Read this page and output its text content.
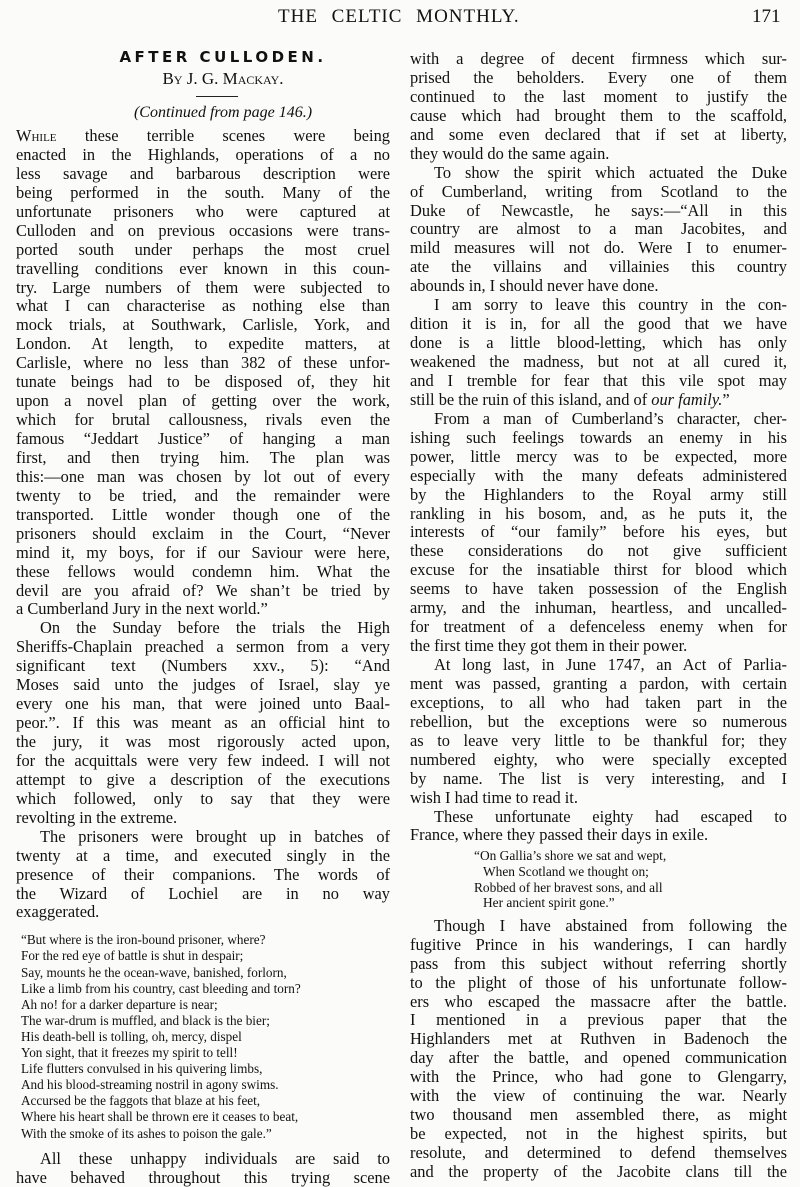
THE CELTIC MONTHLY.	171
AFTER CULLODEN.
By J. G. Mackay.
(Continued from page 146.)
While these terrible scenes were being
enacted in the Highlands, operations of a no
less savage and barbarous description were
being performed in the south. Many of the
unfortunate prisoners who were captured at
Culloden and on previous occasions were trans-
ported south under perhaps the most cruel
travelling conditions ever known in this coun-
try. Large numbers of them were subjected to
what I can characterise as nothing else than
mock trials, at Southwark, Carlisle, York, and
London. At length, to expedite matters, at
Carlisle, where no less than 382 of these unfor-
tunate beings had to be disposed of, they hit
upon a novel plan of getting over the work,
which for brutal callousness, rivals even the
famous “Jeddart Justice” of hanging a man
first, and then trying him. The plan was
this:—one man was chosen by lot out of every
twenty to be tried, and the remainder were
transported. Little wonder though one of the
prisoners should exclaim in the Court, “Never
mind it, my boys, for if our Saviour were here,
these fellows would condemn him. What the
devil are you afraid of? We shan’t be tried by
a Cumberland Jury in the next world.”
On the Sunday before the trials the High
Sheriffs-Chaplain preached a sermon from a very
significant text (Numbers xxv., 5): “And
Moses said unto the judges of Israel, slay ye
every one his man, that were joined unto Baal-
peor.”. If this was meant as an official hint to
the jury, it was most rigorously acted upon,
for the acquittals were very few indeed. I will not
attempt to give a description of the executions
which followed, only to say that they were
revolting in the extreme.
The prisoners were brought up in batches of
twenty at a time, and executed singly in the
presence of their companions. The words of
the Wizard of Lochiel are in no way
exaggerated.
“But where is the iron-bound prisoner, where?
For the red eye of battle is shut in despair;
Say, mounts he the ocean-wave, banished, forlorn,
Like a limb from his country, cast bleeding and torn?
Ah no! for a darker departure is near;
The war-drum is muffled, and black is the bier;
His death-bell is tolling, oh, mercy, dispel
Yon sight, that it freezes my spirit to tell!
Life flutters convulsed in his quivering limbs,
And his blood-streaming nostril in agony swims.
Accursed be the faggots that blaze at his feet,
Where his heart shall be thrown ere it ceases to beat,
With the smoke of its ashes to poison the gale.”
All these unhappy individuals are said to
have behaved throughout this trying scene
with a degree of decent firmness which sur-
prised the beholders. Every one of them
continued to the last moment to justify the
cause which had brought them to the scaffold,
and some even declared that if set at liberty,
they would do the same again.
To show the spirit which actuated the Duke
of Cumberland, writing from Scotland to the
Duke of Newcastle, he says:—“All in this
country are almost to a man Jacobites, and
mild measures will not do. Were I to enumer-
ate the villains and villainies this country
abounds in, I should never have done.
I am sorry to leave this country in the con-
dition it is in, for all the good that we have
done is a little blood-letting, which has only
weakened the madness, but not at all cured it,
and I tremble for fear that this vile spot may
still be the ruin of this island, and of our family.”
From a man of Cumberland’s character, cher-
ishing such feelings towards an enemy in his
power, little mercy was to be expected, more
especially with the many defeats administered
by the Highlanders to the Royal army still
rankling in his bosom, and, as he puts it, the
interests of “our family” before his eyes, but
these considerations do not give sufficient
excuse for the insatiable thirst for blood which
seems to have taken possession of the English
army, and the inhuman, heartless, and uncalled-
for treatment of a defenceless enemy when for
the first time they got them in their power.
At long last, in June 1747, an Act of Parlia-
ment was passed, granting a pardon, with certain
exceptions, to all who had taken part in the
rebellion, but the exceptions were so numerous
as to leave very little to be thankful for; they
numbered eighty, who were specially excepted
by name. The list is very interesting, and I
wish I had time to read it.
These unfortunate eighty had escaped to
France, where they passed their days in exile.
“On Gallia’s shore we sat and wept,
When Scotland we thought on;
Robbed of her bravest sons, and all
Her ancient spirit gone.”
Though I have abstained from following the
fugitive Prince in his wanderings, I can hardly
pass from this subject without referring shortly
to the plight of those of his unfortunate follow-
ers who escaped the massacre after the battle.
I mentioned in a previous paper that the
Highlanders met at Ruthven in Badenoch the
day after the battle, and opened communication
with the Prince, who had gone to Glengarry,
with the view of continuing the war. Nearly
two thousand men assembled there, as might
be expected, not in the highest spirits, but
resolute, and determined to defend themselves
and the property of the Jacobite clans till the
